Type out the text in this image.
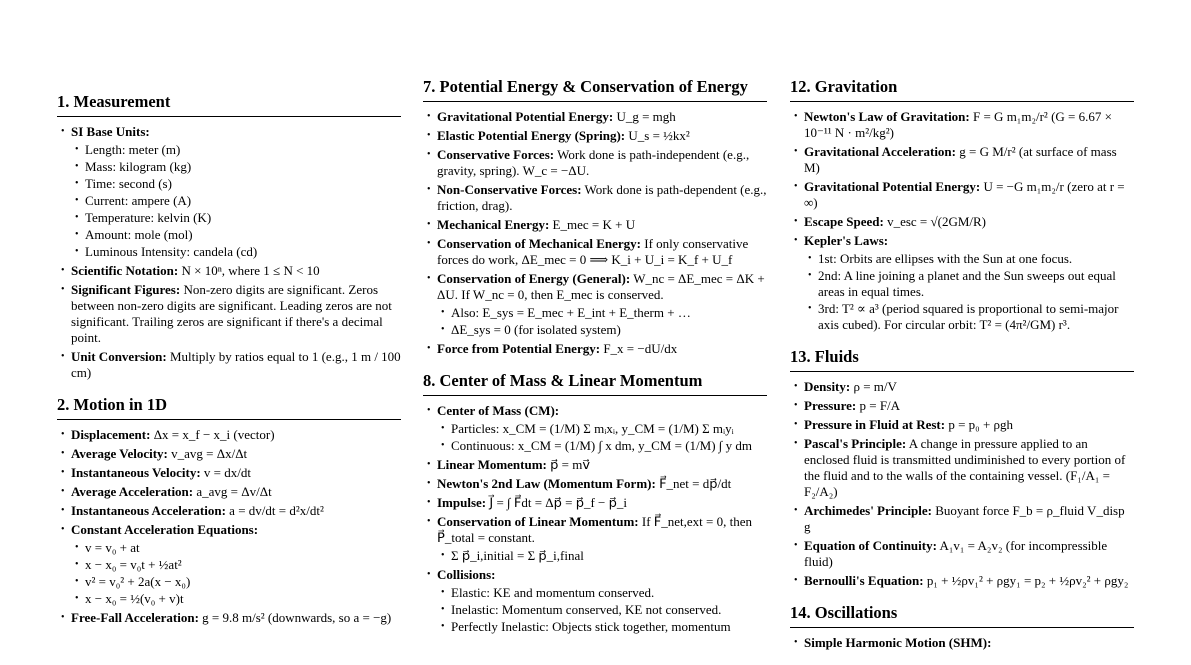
1. Measurement
• SI Base Units:
• Length: meter (m)
• Mass: kilogram (kg)
• Time: second (s)
• Current: ampere (A)
• Temperature: kelvin (K)
• Amount: mole (mol)
• Luminous Intensity: candela (cd)
• Scientific Notation: N × 10ⁿ, where 1 ≤ N < 10
• Significant Figures: Non-zero digits are significant. Zeros between non-zero digits are significant. Leading zeros are not significant. Trailing zeros are significant if there's a decimal point.
• Unit Conversion: Multiply by ratios equal to 1 (e.g., 1 m / 100 cm)
2. Motion in 1D
• Displacement: Δx = x_f − x_i (vector)
• Average Velocity: v_avg = Δx/Δt
• Instantaneous Velocity: v = dx/dt
• Average Acceleration: a_avg = Δv/Δt
• Instantaneous Acceleration: a = dv/dt = d²x/dt²
• Constant Acceleration Equations:
• v = v₀ + at
• x − x₀ = v₀t + ½at²
• v² = v₀² + 2a(x − x₀)
• x − x₀ = ½(v₀ + v)t
• Free-Fall Acceleration: g = 9.8 m/s² (downwards, so a = −g)
7. Potential Energy & Conservation of Energy
• Gravitational Potential Energy: U_g = mgh
• Elastic Potential Energy (Spring): U_s = ½kx²
• Conservative Forces: Work done is path-independent (e.g., gravity, spring). W_c = −ΔU.
• Non-Conservative Forces: Work done is path-dependent (e.g., friction, drag).
• Mechanical Energy: E_mec = K + U
• Conservation of Mechanical Energy: If only conservative forces do work, ΔE_mec = 0 ⟹ K_i + U_i = K_f + U_f
• Conservation of Energy (General): W_nc = ΔE_mec = ΔK + ΔU. If W_nc = 0, then E_mec is conserved.
• Also: E_sys = E_mec + E_int + E_therm + …
• ΔE_sys = 0 (for isolated system)
• Force from Potential Energy: F_x = −dU/dx
8. Center of Mass & Linear Momentum
• Center of Mass (CM):
• Particles: x_CM = (1/M) Σ mᵢxᵢ, y_CM = (1/M) Σ mᵢyᵢ
• Continuous: x_CM = (1/M) ∫ x dm, y_CM = (1/M) ∫ y dm
• Linear Momentum: p⃗ = mv⃗
• Newton's 2nd Law (Momentum Form): F⃗_net = dp⃗/dt
• Impulse: J⃗ = ∫ F⃗dt = Δp⃗ = p⃗_f − p⃗_i
• Conservation of Linear Momentum: If F⃗_net,ext = 0, then P⃗_total = constant.
• Σ p⃗_i,initial = Σ p⃗_i,final
• Collisions:
• Elastic: KE and momentum conserved.
• Inelastic: Momentum conserved, KE not conserved.
• Perfectly Inelastic: Objects stick together, momentum
12. Gravitation
• Newton's Law of Gravitation: F = G m₁m₂/r² (G = 6.67 × 10⁻¹¹ N · m²/kg²)
• Gravitational Acceleration: g = G M/r² (at surface of mass M)
• Gravitational Potential Energy: U = −G m₁m₂/r (zero at r = ∞)
• Escape Speed: v_esc = √(2GM/R)
• Kepler's Laws:
• 1st: Orbits are ellipses with the Sun at one focus.
• 2nd: A line joining a planet and the Sun sweeps out equal areas in equal times.
• 3rd: T² ∝ a³ (period squared is proportional to semi-major axis cubed). For circular orbit: T² = (4π²/GM) r³.
13. Fluids
• Density: ρ = m/V
• Pressure: p = F/A
• Pressure in Fluid at Rest: p = p₀ + ρgh
• Pascal's Principle: A change in pressure applied to an enclosed fluid is transmitted undiminished to every portion of the fluid and to the walls of the containing vessel. (F₁/A₁ = F₂/A₂)
• Archimedes' Principle: Buoyant force F_b = ρ_fluid V_disp g
• Equation of Continuity: A₁v₁ = A₂v₂ (for incompressible fluid)
• Bernoulli's Equation: p₁ + ½ρv₁² + ρgy₁ = p₂ + ½ρv₂² + ρgy₂
14. Oscillations
• Simple Harmonic Motion (SHM):
